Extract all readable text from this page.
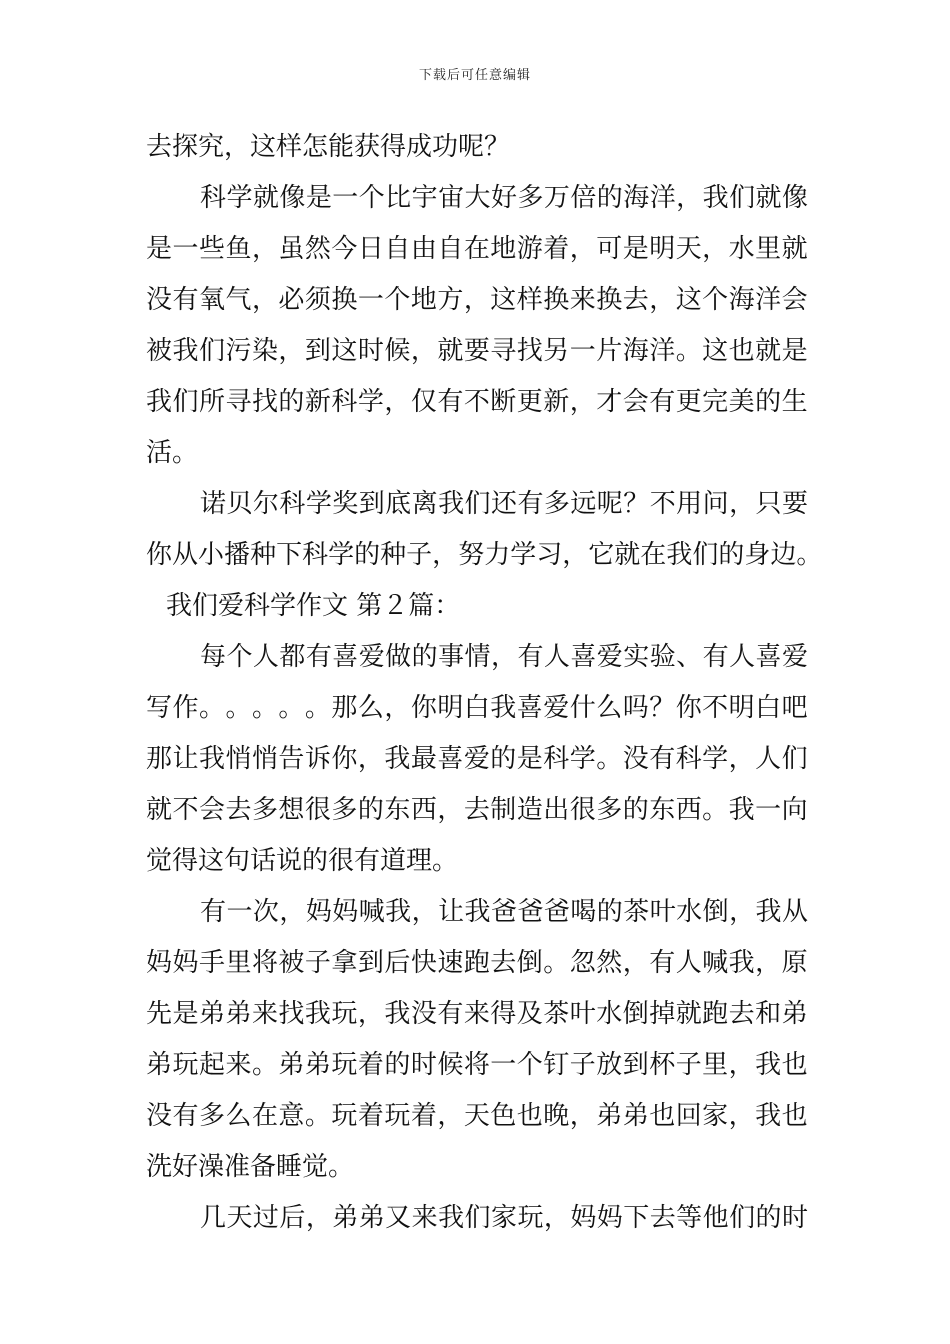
下载后可任意编辑
去探究，这样怎能获得成功呢？
科 学 就 像 是 一 个 比 宇 宙 大 好 多 万 倍 的 海 洋 ， 我 们 就 像
是 一 些 鱼 ， 虽 然 今 日 自 由 自 在 地 游 着 ， 可 是 明 天 ， 水 里 就
没 有 氧 气 ， 必 须 换 一 个 地 方 ， 这 样 换 来 换 去 ， 这 个 海 洋 会
被 我 们 污 染 ， 到 这 时 候 ， 就 要 寻 找 另 一 片 海 洋 。 这 也 就 是
我 们 所 寻 找 的 新 科 学 ， 仅 有 不 断 更 新 ， 才 会 有 更 完 美 的 生
活。
诺 贝 尔 科 学 奖 到 底 离 我 们 还 有 多 远 呢 ？ 不 用 问 ， 只 要
你 从 小 播 种 下 科 学 的 种 子 ， 努 力 学 习 ， 它 就 在 我 们 的 身 边 。
我们爱科学作文 第２篇：
每 个 人 都 有 喜 爱 做 的 事 情 ， 有 人 喜 爱 实 验 、 有 人 喜 爱
写 作 。 。 。 。 。 那 么 ， 你 明 白 我 喜 爱 什 么 吗 ？ 你 不 明 白 吧
那 让 我 悄 悄 告 诉 你 ， 我 最 喜 爱 的 是 科 学 。 没 有 科 学 ， 人 们
就 不 会 去 多 想 很 多 的 东 西 ， 去 制 造 出 很 多 的 东 西 。 我 一 向
觉得这句话说的很有道理。
有 一 次 ， 妈 妈 喊 我 ， 让 我 爸 爸 爸 喝 的 茶 叶 水 倒 ， 我 从
妈 妈 手 里 将 被 子 拿 到 后 快 速 跑 去 倒 。 忽 然 ， 有 人 喊 我 ， 原
先 是 弟 弟 来 找 我 玩 ， 我 没 有 来 得 及 茶 叶 水 倒 掉 就 跑 去 和 弟
弟 玩 起 来 。 弟 弟 玩 着 的 时 候 将 一 个 钉 子 放 到 杯 子 里 ， 我 也
没 有 多 么 在 意 。 玩 着 玩 着 ， 天 色 也 晚 ， 弟 弟 也 回 家 ， 我 也
洗好澡准备睡觉。
几 天 过 后 ， 弟 弟 又 来 我 们 家 玩 ， 妈 妈 下 去 等 他 们 的 时
